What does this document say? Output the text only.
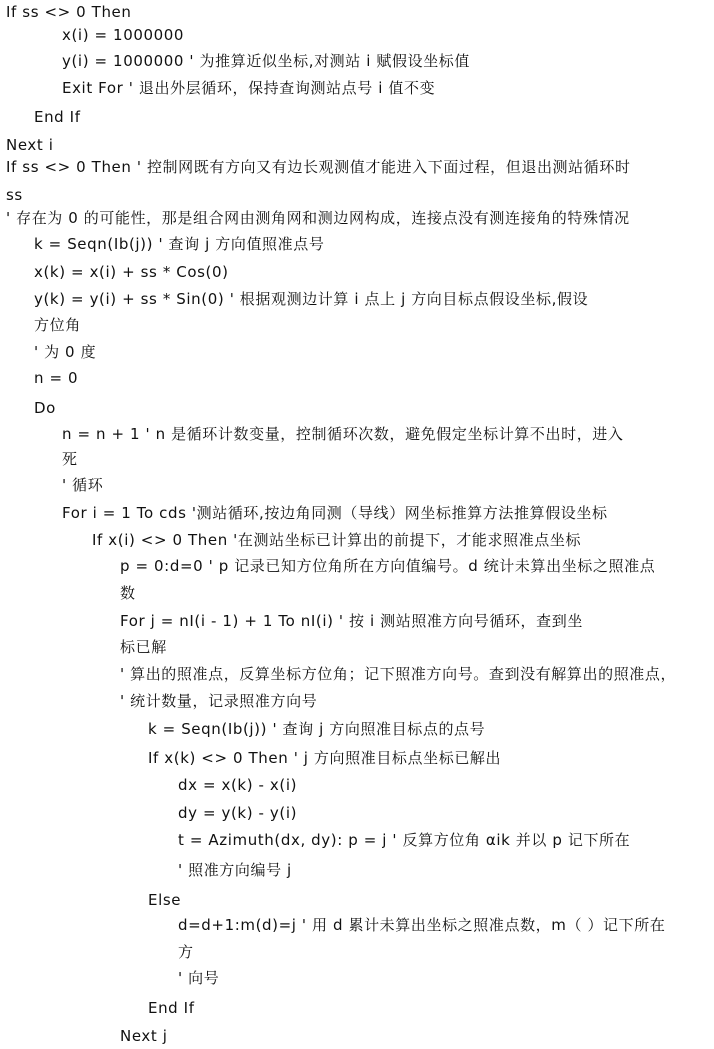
If ss <> 0 Then
x(i) = 1000000
y(i) = 1000000 ' 为推算近似坐标,对测站 i 赋假设坐标值
Exit For ' 退出外层循环，保持查询测站点号 i 值不变
End If
Next i
If ss <> 0 Then ' 控制网既有方向又有边长观测值才能进入下面过程，但退出测站循环时
ss
' 存在为 0 的可能性，那是组合网由测角网和测边网构成，连接点没有测连接角的特殊情况
k = Seqn(Ib(j)) ' 查询 j 方向值照准点号
x(k) = x(i) + ss * Cos(0)
y(k) = y(i) + ss * Sin(0) ' 根据观测边计算 i 点上 j 方向目标点假设坐标,假设
方位角
' 为 0 度
n = 0
Do
n = n + 1 ' n 是循环计数变量，控制循环次数，避免假定坐标计算不出时，进入
死
' 循环
For i = 1 To cds '测站循环,按边角同测（导线）网坐标推算方法推算假设坐标
If x(i) <> 0 Then '在测站坐标已计算出的前提下，才能求照准点坐标
p = 0:d=0 ' p 记录已知方位角所在方向值编号。d 统计未算出坐标之照准点
数
For j = nI(i - 1) + 1 To nI(i) ' 按 i 测站照准方向号循环，查到坐
标已解
' 算出的照准点，反算坐标方位角；记下照准方向号。查到没有解算出的照准点，
' 统计数量，记录照准方向号
k = Seqn(Ib(j)) ' 查询 j 方向照准目标点的点号
If x(k) <> 0 Then ' j 方向照准目标点坐标已解出
dx = x(k) - x(i)
dy = y(k) - y(i)
t = Azimuth(dx, dy): p = j ' 反算方位角 αik 并以 p 记下所在
' 照准方向编号 j
Else
d=d+1:m(d)=j ' 用 d 累计未算出坐标之照准点数，m（ ）记下所在
方
' 向号
End If
Next j
